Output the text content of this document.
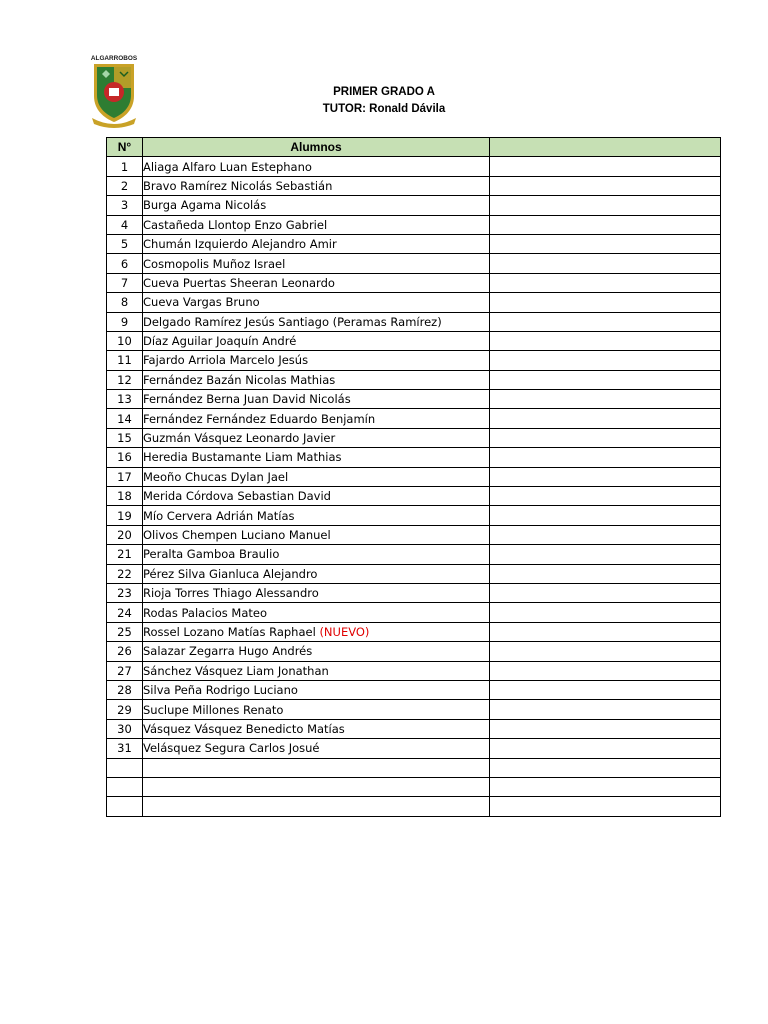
ALGARROBOS
PRIMER GRADO A
TUTOR: Ronald Dávila
N°	Alumnos	
1	Aliaga Alfaro Luan Estephano	
2	Bravo Ramírez Nicolás Sebastián	
3	Burga Agama Nicolás	
4	Castañeda Llontop Enzo Gabriel	
5	Chumán Izquierdo Alejandro Amir	
6	Cosmopolis Muñoz Israel	
7	Cueva Puertas Sheeran Leonardo	
8	Cueva Vargas Bruno	
9	Delgado Ramírez Jesús Santiago (Peramas Ramírez)	
10	Díaz Aguilar Joaquín André	
11	Fajardo Arriola Marcelo Jesús	
12	Fernández Bazán Nicolas Mathias	
13	Fernández Berna Juan David Nicolás	
14	Fernández Fernández Eduardo Benjamín	
15	Guzmán Vásquez Leonardo Javier	
16	Heredia Bustamante Liam Mathias	
17	Meoño Chucas Dylan Jael	
18	Merida Córdova Sebastian David	
19	Mío Cervera Adrián Matías	
20	Olivos Chempen Luciano Manuel	
21	Peralta Gamboa Braulio	
22	Pérez Silva Gianluca Alejandro	
23	Rioja Torres Thiago Alessandro	
24	Rodas Palacios Mateo	
25	Rossel Lozano Matías Raphael (NUEVO)	
26	Salazar Zegarra Hugo Andrés	
27	Sánchez Vásquez Liam Jonathan	
28	Silva Peña Rodrigo Luciano	
29	Suclupe Millones Renato	
30	Vásquez Vásquez Benedicto Matías	
31	Velásquez Segura Carlos Josué	
